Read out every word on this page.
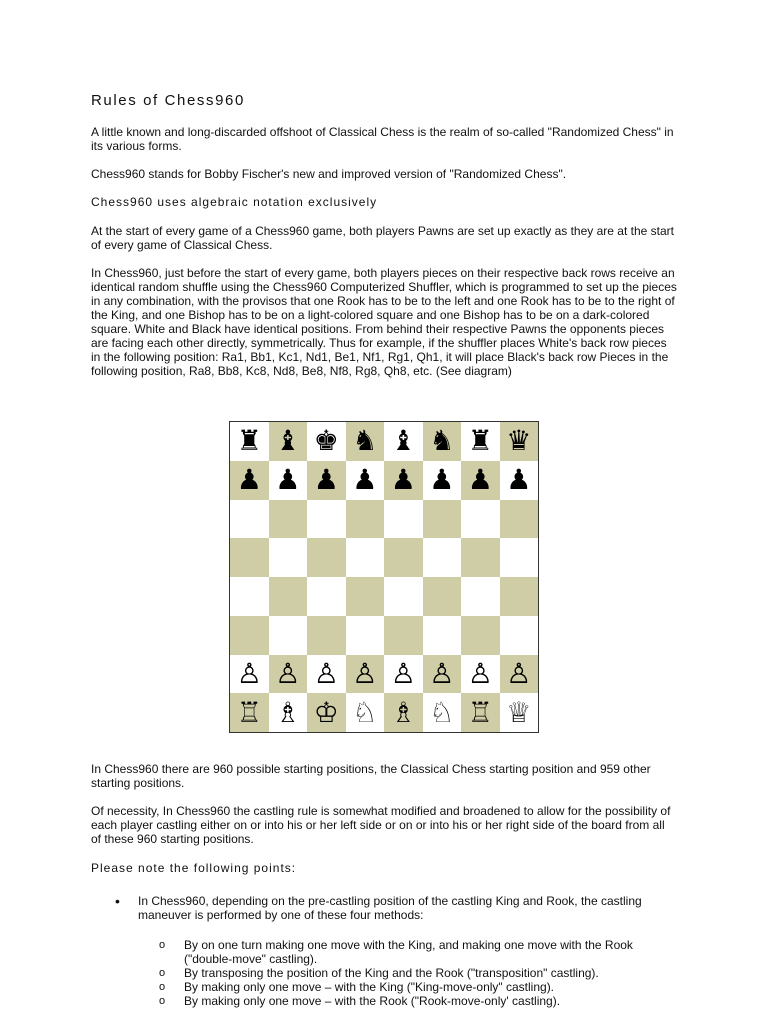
Rules of Chess960

A little known and long-discarded offshoot of Classical Chess is the realm of so-called "Randomized Chess" in its various forms.

Chess960 stands for Bobby Fischer's new and improved version of "Randomized Chess".

Chess960 uses algebraic notation exclusively

At the start of every game of a Chess960 game, both players Pawns are set up exactly as they are at the start of every game of Classical Chess.

In Chess960, just before the start of every game, both players pieces on their respective back rows receive an identical random shuffle using the Chess960 Computerized Shuffler, which is programmed to set up the pieces in any combination, with the provisos that one Rook has to be to the left and one Rook has to be to the right of the King, and one Bishop has to be on a light-colored square and one Bishop has to be on a dark-colored square. White and Black have identical positions. From behind their respective Pawns the opponents pieces are facing each other directly, symmetrically. Thus for example, if the shuffler places White's back row pieces in the following position: Ra1, Bb1, Kc1, Nd1, Be1, Nf1, Rg1, Qh1, it will place Black's back row Pieces in the following position, Ra8, Bb8, Kc8, Nd8, Be8, Nf8, Rg8, Qh8, etc. (See diagram)

♜ ♝ ♚ ♞ ♝ ♞ ♜ ♛
♟ ♟ ♟ ♟ ♟ ♟ ♟ ♟
♙ ♙ ♙ ♙ ♙ ♙ ♙ ♙
♖ ♗ ♔ ♘ ♗ ♘ ♖ ♕

In Chess960 there are 960 possible starting positions, the Classical Chess starting position and 959 other starting positions.

Of necessity, In Chess960 the castling rule is somewhat modified and broadened to allow for the possibility of each player castling either on or into his or her left side or on or into his or her right side of the board from all of these 960 starting positions.

Please note the following points:

• In Chess960, depending on the pre-castling position of the castling King and Rook, the castling maneuver is performed by one of these four methods:

o By on one turn making one move with the King, and making one move with the Rook ("double-move" castling).

o By transposing the position of the King and the Rook ("transposition" castling).

o By making only one move – with the King ("King-move-only" castling).

o By making only one move – with the Rook ("Rook-move-only' castling).
